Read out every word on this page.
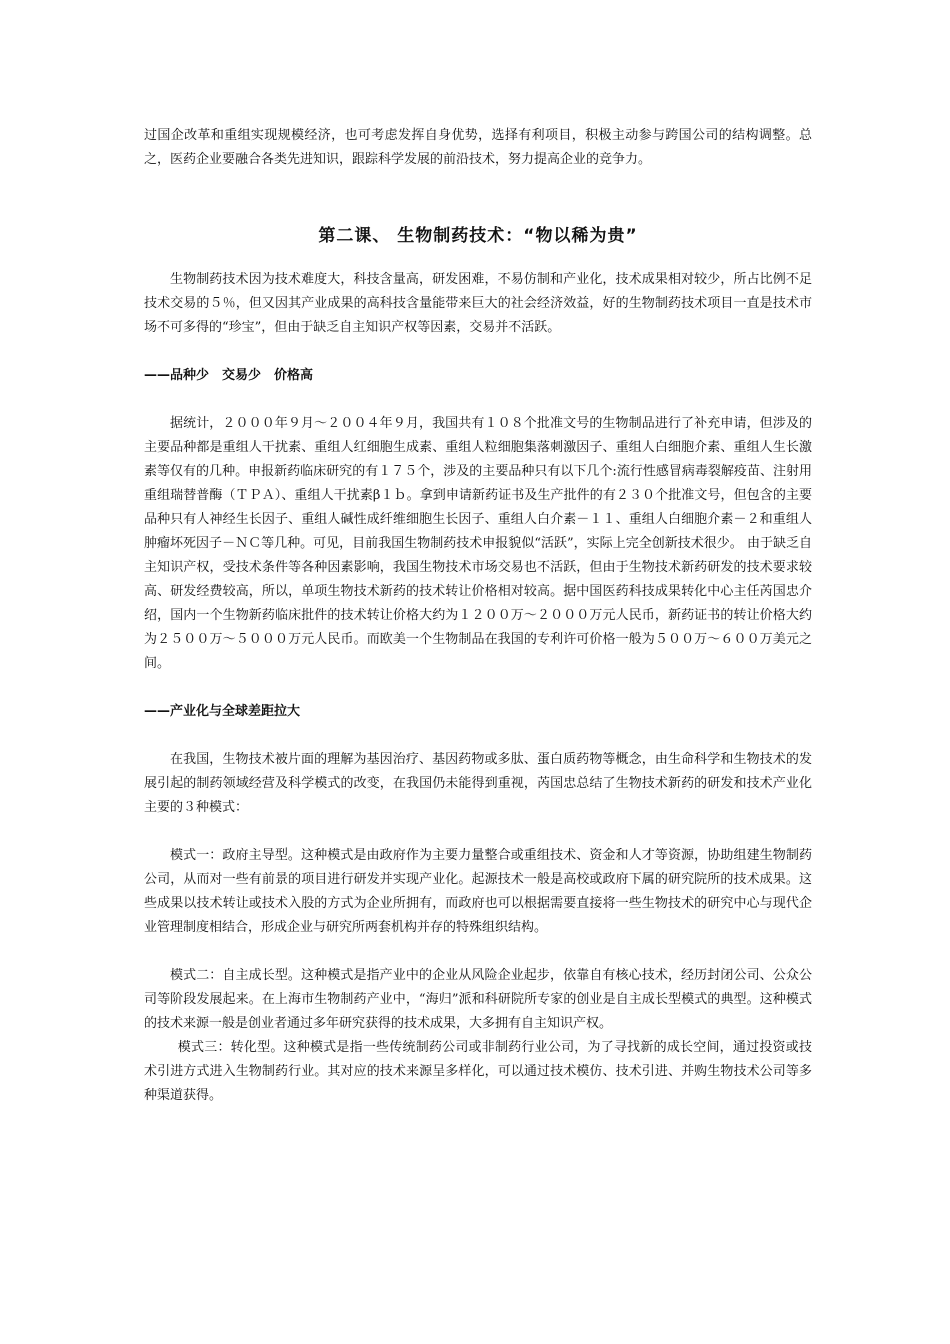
过国企改革和重组实现规模经济，也可考虑发挥自身优势，选择有利项目，积极主动参与跨国公司的结构调整。总之，医药企业要融合各类先进知识，跟踪科学发展的前沿技术，努力提高企业的竞争力。

第二课、 生物制药技术：“物以稀为贵”

生物制药技术因为技术难度大，科技含量高，研发困难，不易仿制和产业化，技术成果相对较少，所占比例不足技术交易的５％，但又因其产业成果的高科技含量能带来巨大的社会经济效益，好的生物制药技术项目一直是技术市场不可多得的“珍宝”，但由于缺乏自主知识产权等因素，交易并不活跃。

——品种少　交易少　价格高

据统计，２０００年９月～２００４年９月，我国共有１０８个批准文号的生物制品进行了补充申请，但涉及的主要品种都是重组人干扰素、重组人红细胞生成素、重组人粒细胞集落刺激因子、重组人白细胞介素、重组人生长激素等仅有的几种。申报新药临床研究的有１７５个，涉及的主要品种只有以下几个:流行性感冒病毒裂解疫苗、注射用重组瑞替普酶（ＴＰＡ）、重组人干扰素β１ｂ。拿到申请新药证书及生产批件的有２３０个批准文号，但包含的主要品种只有人神经生长因子、重组人碱性成纤维细胞生长因子、重组人白介素－１１、重组人白细胞介素－２和重组人肿瘤坏死因子－ＮＣ等几种。可见，目前我国生物制药技术申报貌似“活跃”，实际上完全创新技术很少。 由于缺乏自主知识产权，受技术条件等各种因素影响，我国生物技术市场交易也不活跃，但由于生物技术新药研发的技术要求较高、研发经费较高，所以，单项生物技术新药的技术转让价格相对较高。据中国医药科技成果转化中心主任芮国忠介绍，国内一个生物新药临床批件的技术转让价格大约为１２００万～２０００万元人民币，新药证书的转让价格大约为２５００万～５０００万元人民币。而欧美一个生物制品在我国的专利许可价格一般为５００万～６００万美元之间。

——产业化与全球差距拉大

在我国，生物技术被片面的理解为基因治疗、基因药物或多肽、蛋白质药物等概念，由生命科学和生物技术的发展引起的制药领域经营及科学模式的改变，在我国仍未能得到重视，芮国忠总结了生物技术新药的研发和技术产业化主要的３种模式：

模式一：政府主导型。这种模式是由政府作为主要力量整合或重组技术、资金和人才等资源，协助组建生物制药公司，从而对一些有前景的项目进行研发并实现产业化。起源技术一般是高校或政府下属的研究院所的技术成果。这些成果以技术转让或技术入股的方式为企业所拥有，而政府也可以根据需要直接将一些生物技术的研究中心与现代企业管理制度相结合，形成企业与研究所两套机构并存的特殊组织结构。

模式二：自主成长型。这种模式是指产业中的企业从风险企业起步，依靠自有核心技术，经历封闭公司、公众公司等阶段发展起来。在上海市生物制药产业中，“海归”派和科研院所专家的创业是自主成长型模式的典型。这种模式的技术来源一般是创业者通过多年研究获得的技术成果，大多拥有自主知识产权。

模式三：转化型。这种模式是指一些传统制药公司或非制药行业公司，为了寻找新的成长空间，通过投资或技术引进方式进入生物制药行业。其对应的技术来源呈多样化，可以通过技术模仿、技术引进、并购生物技术公司等多种渠道获得。
